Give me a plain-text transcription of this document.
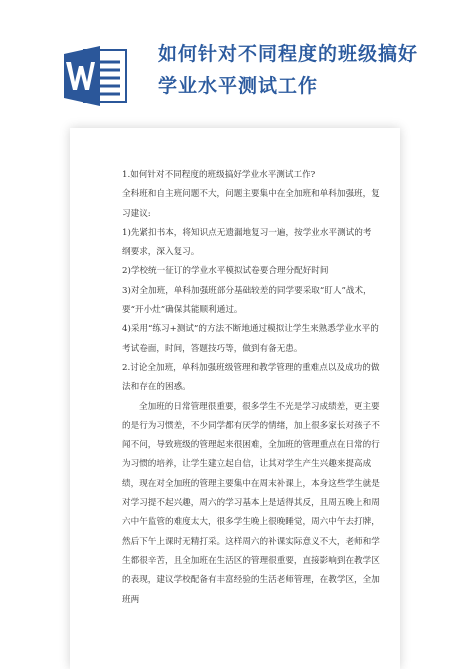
如何针对不同程度的班级搞好
学业水平测试工作

1.如何针对不同程度的班级搞好学业水平测试工作?

全科班和自主班问题不大，问题主要集中在全加班和单科加强班，复习建议:

1)先紧扣书本，将知识点无遗漏地复习一遍，按学业水平测试的考纲要求，深入复习。

2)学校统一征订的学业水平模拟试卷要合理分配好时间

3)对全加班，单科加强班部分基础较差的同学要采取“盯人”战术，要“开小灶”确保其能顺利通过。

4)采用“练习+测试”的方法不断地通过模拟让学生来熟悉学业水平的考试卷面，时间，答题技巧等，做到有备无患。

2.讨论全加班，单科加强班级管理和教学管理的重难点以及成功的做法和存在的困惑。

全加班的日常管理很重要，很多学生不光是学习成绩差，更主要的是行为习惯差，不少同学都有厌学的情绪，加上很多家长对孩子不闻不问，导致班级的管理起来很困难，全加班的管理重点在日常的行为习惯的培养，让学生建立起自信，让其对学生产生兴趣来提高成绩，现在对全加班的管理主要集中在周末补课上，本身这些学生就是对学习提不起兴趣，周六的学习基本上是适得其反，且周五晚上和周六中午监管的难度太大，很多学生晚上很晚睡觉，周六中午去打牌，然后下午上课时无精打采。这样周六的补课实际意义不大，老师和学生都很辛苦，且全加班在生活区的管理很重要，直接影响到在教学区的表现，建议学校配备有丰富经验的生活老师管理，在教学区，全加班两
